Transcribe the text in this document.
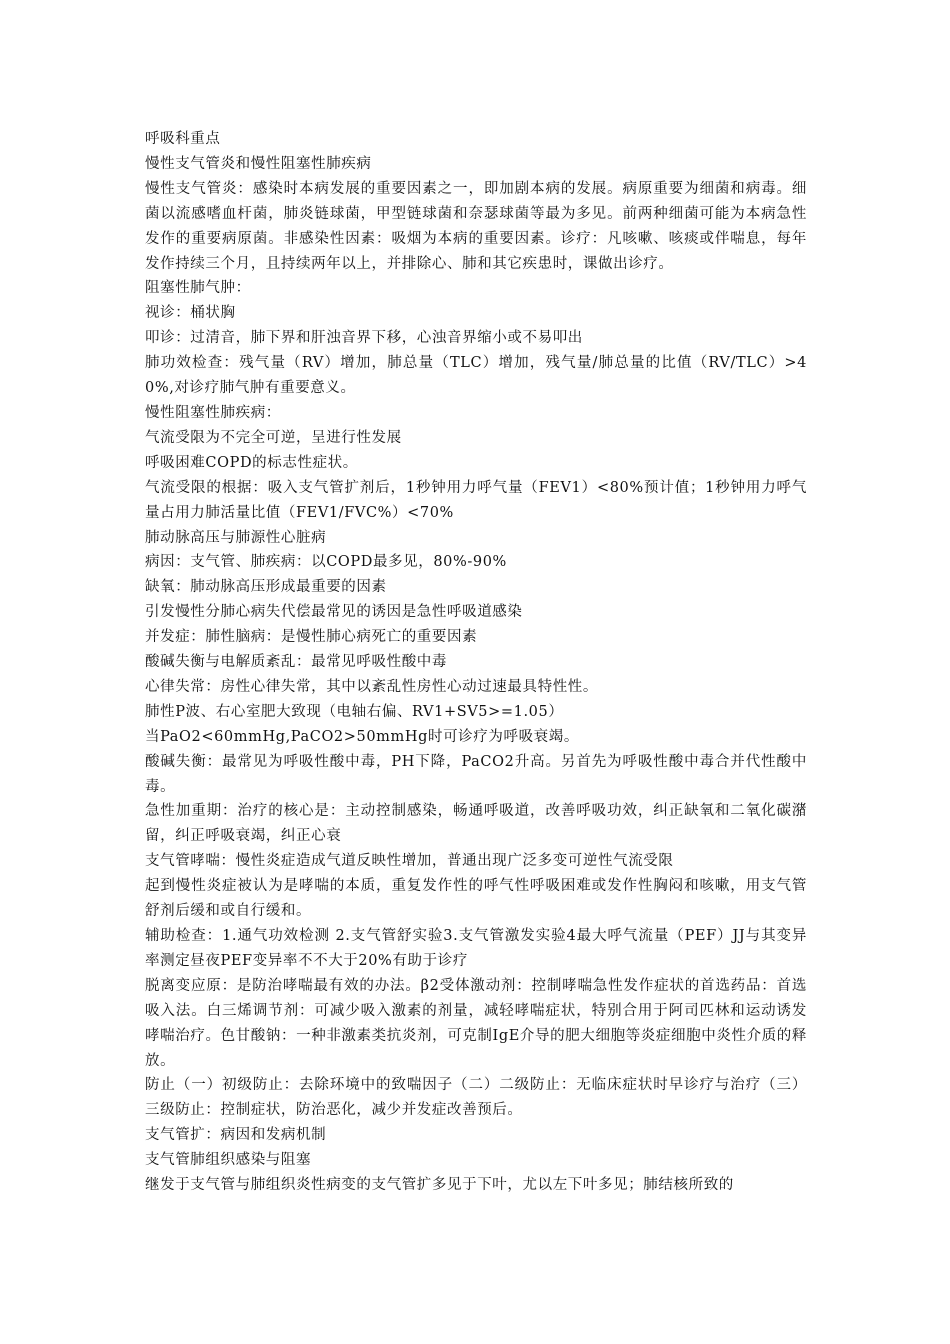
呼吸科重点

慢性支气管炎和慢性阻塞性肺疾病

慢性支气管炎：感染时本病发展的重要因素之一，即加剧本病的发展。病原重要为细菌和病毒。细菌以流感嗜血杆菌，肺炎链球菌，甲型链球菌和奈瑟球菌等最为多见。前两种细菌可能为本病急性发作的重要病原菌。非感染性因素：吸烟为本病的重要因素。诊疗：凡咳嗽、咳痰或伴喘息，每年发作持续三个月，且持续两年以上，并排除心、肺和其它疾患时，课做出诊疗。

阻塞性肺气肿：

视诊：桶状胸

叩诊：过清音，肺下界和肝浊音界下移，心浊音界缩小或不易叩出

肺功效检查：残气量（RV）增加，肺总量（TLC）增加，残气量/肺总量的比值（RV/TLC）>40%,对诊疗肺气肿有重要意义。

慢性阻塞性肺疾病：

气流受限为不完全可逆，呈进行性发展

呼吸困难COPD的标志性症状。

气流受限的根据：吸入支气管扩剂后，1秒钟用力呼气量（FEV1）<80%预计值；1秒钟用力呼气量占用力肺活量比值（FEV1/FVC%）<70%

肺动脉高压与肺源性心脏病

病因：支气管、肺疾病：以COPD最多见，80%-90%

缺氧：肺动脉高压形成最重要的因素

引发慢性分肺心病失代偿最常见的诱因是急性呼吸道感染

并发症：肺性脑病：是慢性肺心病死亡的重要因素

酸碱失衡与电解质紊乱：最常见呼吸性酸中毒

心律失常：房性心律失常，其中以紊乱性房性心动过速最具特性性。

肺性P波、右心室肥大致现（电轴右偏、RV1+SV5>=1.05）

当PaO2<60mmHg,PaCO2>50mmHg时可诊疗为呼吸衰竭。

酸碱失衡：最常见为呼吸性酸中毒，PH下降，PaCO2升高。另首先为呼吸性酸中毒合并代性酸中毒。

急性加重期：治疗的核心是：主动控制感染，畅通呼吸道，改善呼吸功效，纠正缺氧和二氧化碳潴留，纠正呼吸衰竭，纠正心衰

支气管哮喘：慢性炎症造成气道反映性增加，普通出现广泛多变可逆性气流受限

起到慢性炎症被认为是哮喘的本质，重复发作性的呼气性呼吸困难或发作性胸闷和咳嗽，用支气管舒剂后缓和或自行缓和。

辅助检查：1.通气功效检测 2.支气管舒实验3.支气管激发实验4最大呼气流量（PEF）JJ与其变异率测定昼夜PEF变异率不不大于20%有助于诊疗

脱离变应原：是防治哮喘最有效的办法。β2受体激动剂：控制哮喘急性发作症状的首选药品：首选吸入法。白三烯调节剂：可减少吸入激素的剂量，减轻哮喘症状，特别合用于阿司匹林和运动诱发哮喘治疗。色甘酸钠：一种非激素类抗炎剂，可克制IgE介导的肥大细胞等炎症细胞中炎性介质的释放。

防止（一）初级防止：去除环境中的致喘因子（二）二级防止：无临床症状时早诊疗与治疗（三）三级防止：控制症状，防治恶化，减少并发症改善预后。

支气管扩：病因和发病机制

支气管肺组织感染与阻塞

继发于支气管与肺组织炎性病变的支气管扩多见于下叶，尤以左下叶多见；肺结核所致的
